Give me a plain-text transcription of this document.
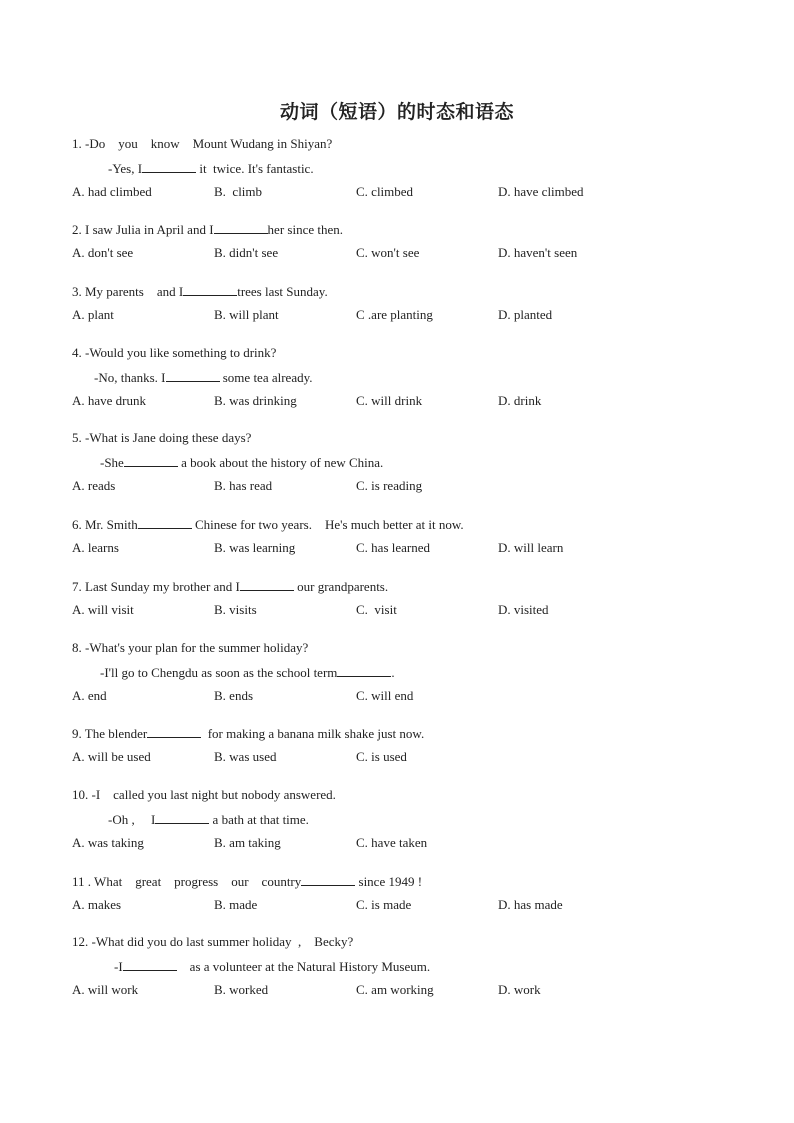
动词（短语）的时态和语态
1. -Do    you    know    Mount Wudang in Shiyan?
-Yes, I	it  twice. It's fantastic.
A. had climbed	B.  climb	C. climbed	D. have climbed
2. I saw Julia in April and I	her since then.
A. don't see	B. didn't see	C. won't see	D. haven't seen
3. My parents    and I	trees last Sunday.
A. plant	B. will plant	C .are planting	D. planted
4. -Would you like something to drink?
-No, thanks. I	some tea already.
A. have drunk	B. was drinking	C. will drink	D. drink
5. -What is Jane doing these days?
-She	a book about the history of new China.
A. reads	B. has read	C. is reading
6. Mr. Smith	Chinese for two years.    He's much better at it now.
A. learns	B. was learning	C. has learned	D. will learn
7. Last Sunday my brother and I	our grandparents.
A. will visit	B. visits	C.  visit	D. visited
8. -What's your plan for the summer holiday?
-I'll go to Chengdu as soon as the school term	.
A. end	B. ends	C. will end
9. The blender	for making a banana milk shake just now.
A. will be used	B. was used	C. is used
10. -I    called you last night but nobody answered.
-Oh ,     I	a bath at that time.
A. was taking	B. am taking	C. have taken
11 . What    great    progress    our    country	since 1949 !
A. makes	B. made	C. is made	D. has made
12. -What did you do last summer holiday  ,    Becky?
-I	as a volunteer at the Natural History Museum.
A. will work	B. worked	C. am working	D. work
